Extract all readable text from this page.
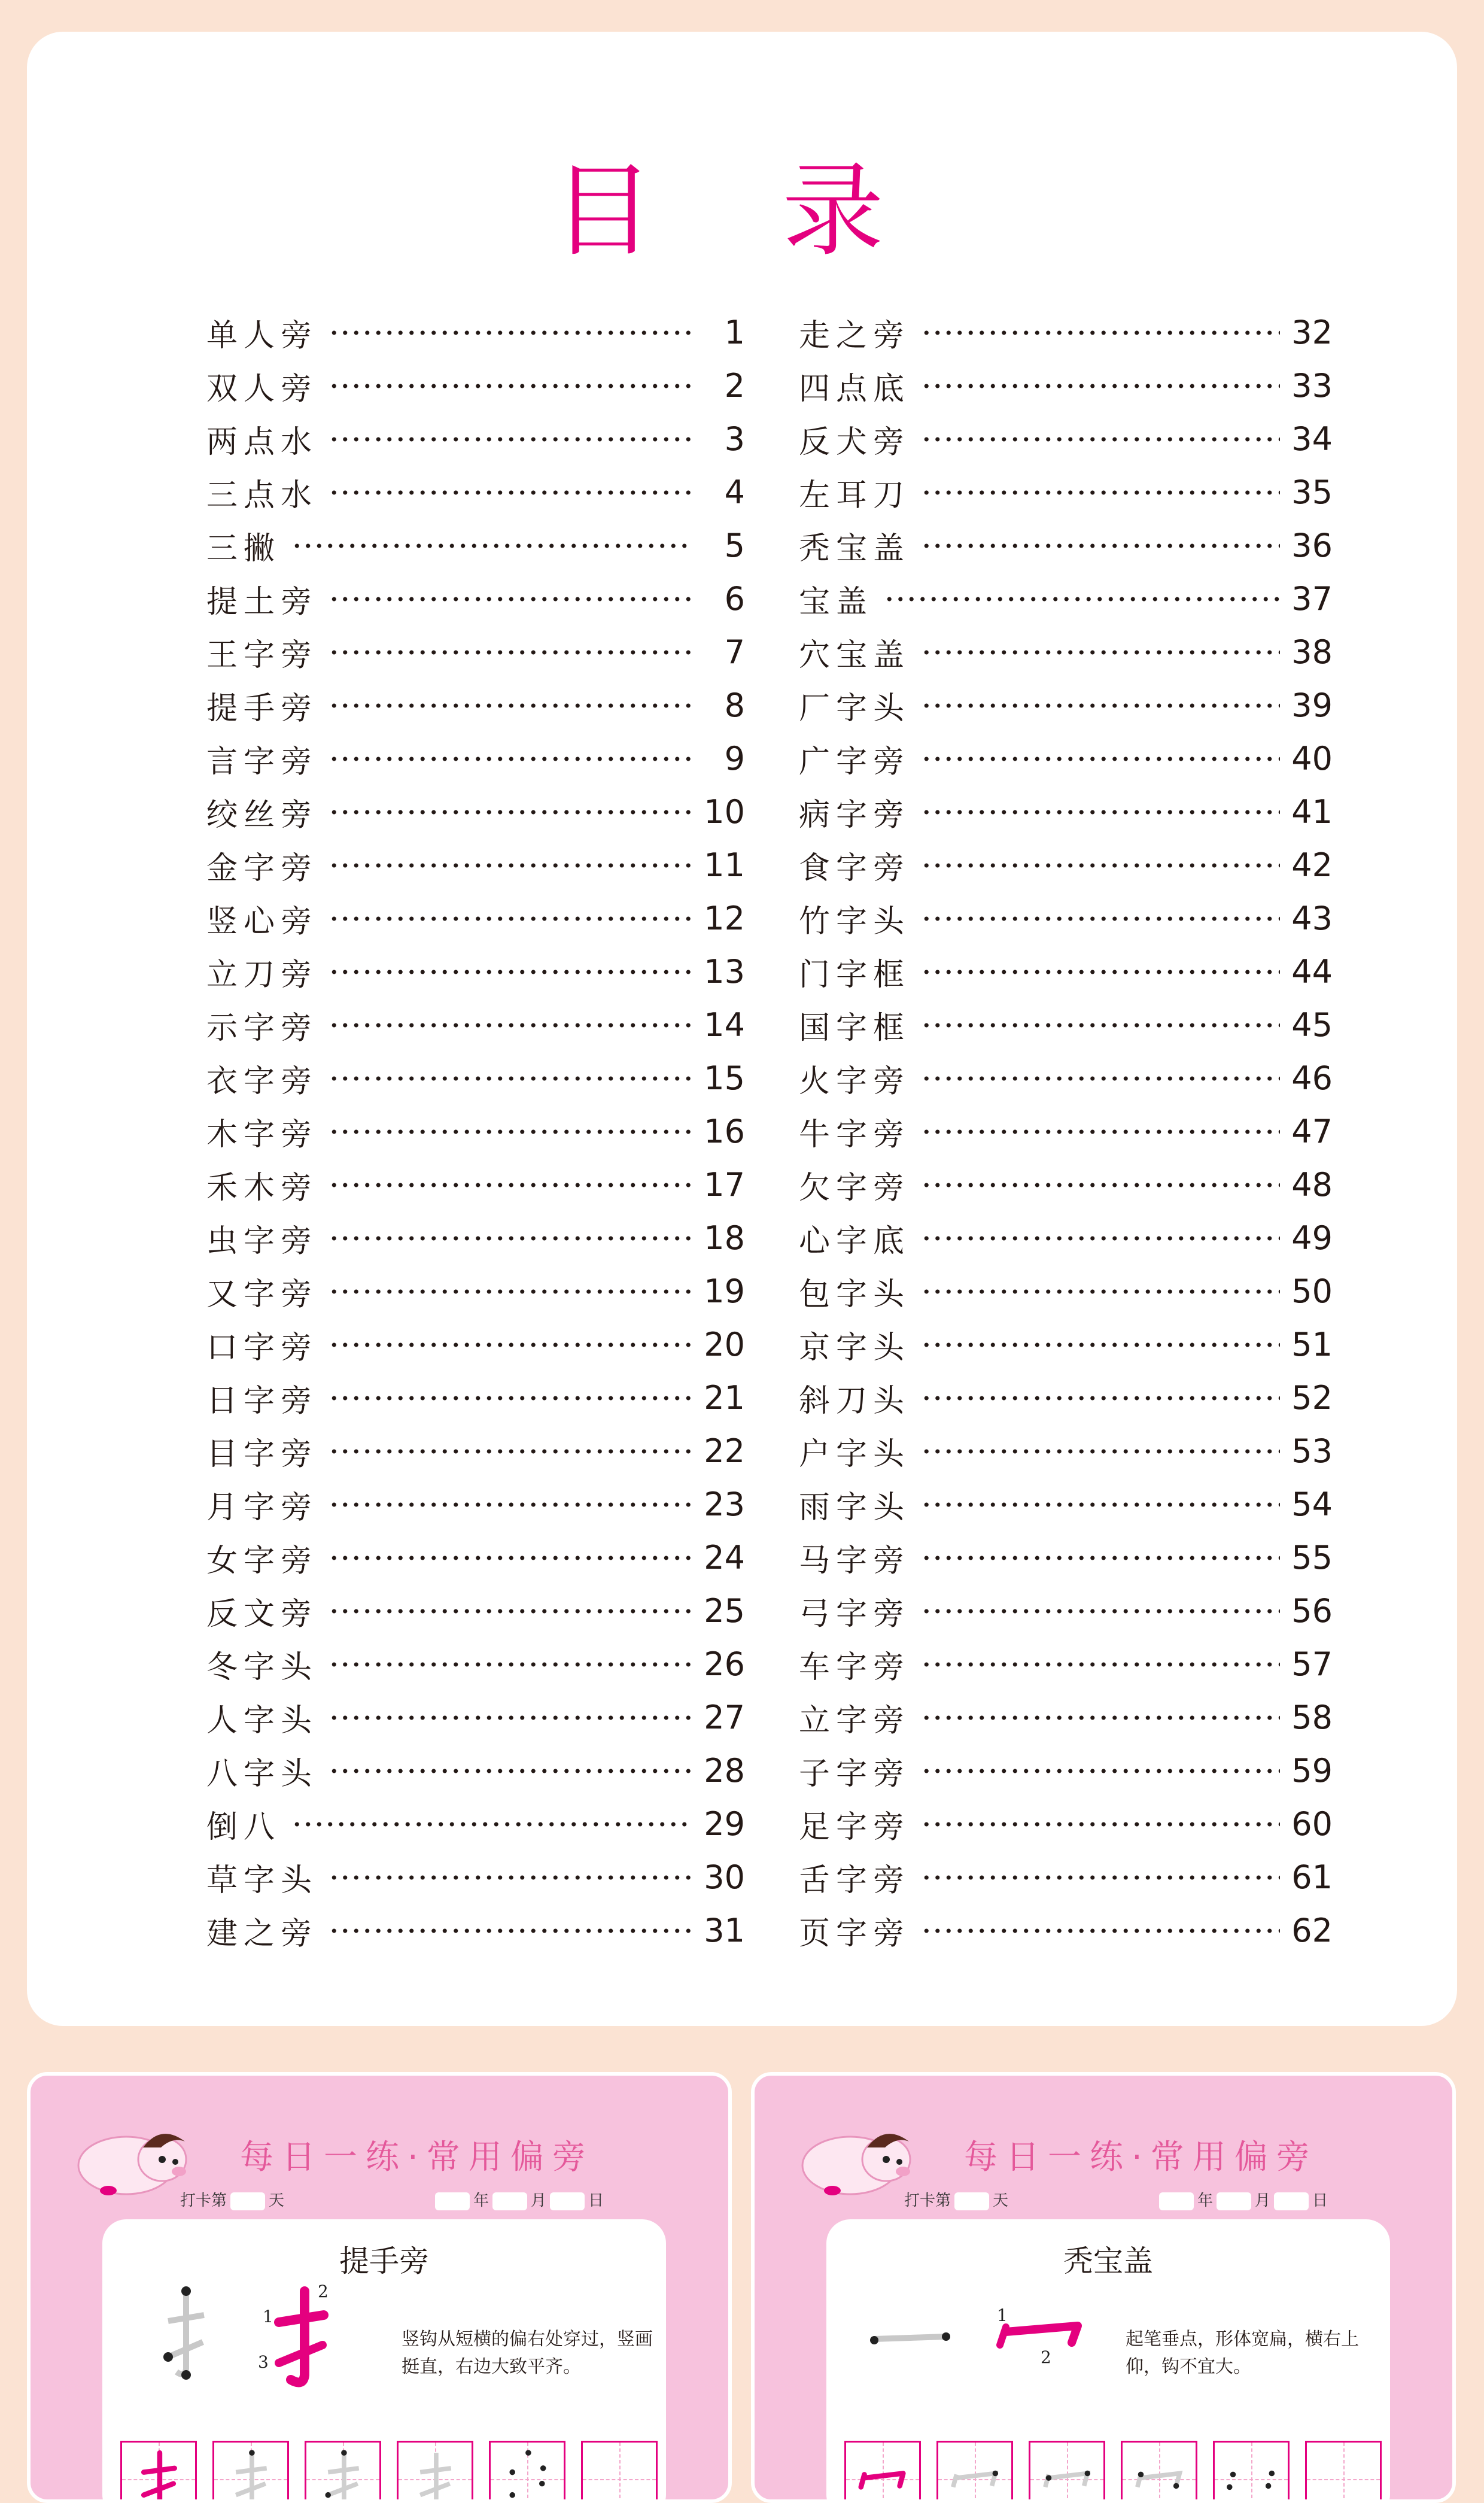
目 录
单人旁	1
双人旁	2
两点水	3
三点水	4
三撇	5
提土旁	6
王字旁	7
提手旁	8
言字旁	9
绞丝旁	10
金字旁	11
竖心旁	12
立刀旁	13
示字旁	14
衣字旁	15
木字旁	16
禾木旁	17
虫字旁	18
又字旁	19
口字旁	20
日字旁	21
目字旁	22
月字旁	23
女字旁	24
反文旁	25
冬字头	26
人字头	27
八字头	28
倒八	29
草字头	30
建之旁	31
走之旁	32
四点底	33
反犬旁	34
左耳刀	35
秃宝盖	36
宝盖	37
穴宝盖	38
厂字头	39
广字旁	40
病字旁	41
食字旁	42
竹字头	43
门字框	44
国字框	45
火字旁	46
牛字旁	47
欠字旁	48
心字底	49
包字头	50
京字头	51
斜刀头	52
户字头	53
雨字头	54
马字旁	55
弓字旁	56
车字旁	57
立字旁	58
子字旁	59
足字旁	60
舌字旁	61
页字旁	62
每日一练·常用偏旁
打卡第	天	年	月	日
提手旁
1
2
3
竖钩从短横的偏右处穿过，竖画挺直，右边大致平齐。
每日一练·常用偏旁
打卡第	天	年	月	日
秃宝盖
1
2
起笔垂点，形体宽扁，横右上仰，钩不宜大。
